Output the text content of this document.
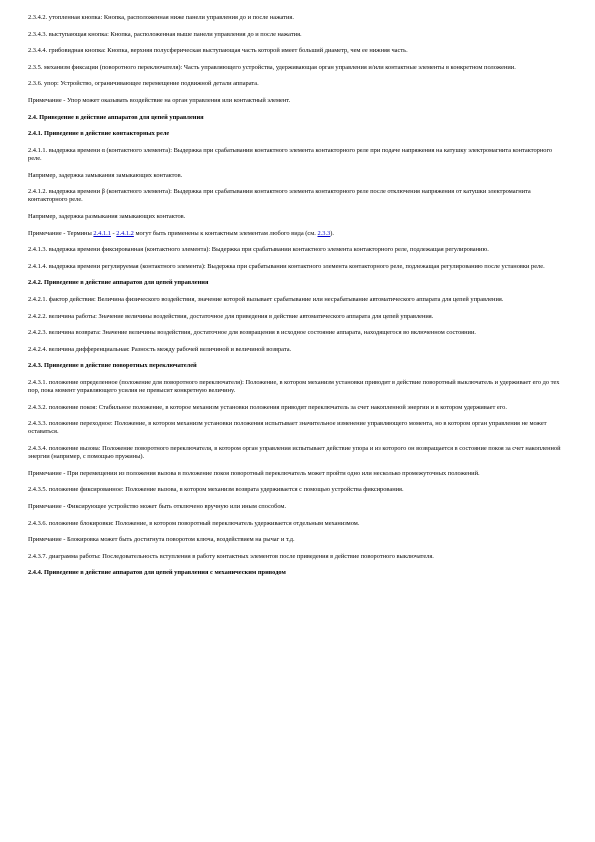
2.3.4.2. утопленная кнопка: Кнопка, расположенная ниже панели управления до и после нажатия.

2.3.4.3. выступающая кнопка: Кнопка, расположенная выше панели управления до и после нажатия.

2.3.4.4. грибовидная кнопка: Кнопка, верхняя полусферическая выступающая часть которой имеет больший диаметр, чем ее нижняя часть.

2.3.5. механизм фиксации (поворотного переключателя): Часть управляющего устройства, удерживающая орган управления и/или контактные элементы в конкретном положении.

2.3.6. упор: Устройство, ограничивающее перемещение подвижной детали аппарата.

Примечание - Упор может оказывать воздействие на орган управления или контактный элемент.

2.4. Приведение в действие аппаратов для цепей управления

2.4.1. Приведение в действие контакторных реле

2.4.1.1. выдержка времени α (контактного элемента): Выдержка при срабатывании контактного элемента контакторного реле при подаче напряжения на катушку электромагнита контакторного реле.

Например, задержка замыкания замыкающих контактов.

2.4.1.2. выдержка времени β (контактного элемента): Выдержка при срабатывании контактного элемента контакторного реле после отключения напряжения от катушки электромагнита контакторного реле.

Например, задержка размыкания замыкающих контактов.

Примечание - Термины 2.4.1.1 - 2.4.1.2 могут быть применены к контактным элементам любого вида (см. 2.3.3).

2.4.1.3. выдержка времени фиксированная (контактного элемента): Выдержка при срабатывании контактного элемента контакторного реле, подлежащая регулированию.

2.4.1.4. выдержка времени регулируемая (контактного элемента): Выдержка при срабатывании контактного элемента контакторного реле, подлежащая регулированию после установки реле.

2.4.2. Приведение в действие аппаратов для цепей управления

2.4.2.1. фактор действия: Величина физического воздействия, значение которой вызывает срабатывание или несрабатывание автоматического аппарата для цепей управления.

2.4.2.2. величина работы: Значение величины воздействия, достаточное для приведения в действие автоматического аппарата для цепей управления.

2.4.2.3. величина возврата: Значение величины воздействия, достаточное для возвращения в исходное состояние аппарата, находящегося во включенном состоянии.

2.4.2.4. величина дифференциальная: Разность между рабочей величиной и величиной возврата.

2.4.3. Приведение в действие поворотных переключателей

2.4.3.1. положение определенное (положение для поворотного переключателя): Положение, в котором механизм установки приводит в действие поворотный выключатель и удерживает его до тех пор, пока момент управляющего усилия не превысит конкретную величину.

2.4.3.2. положение покоя: Стабильное положение, в которое механизм установки положения приводит переключатель за счет накопленной энергии и в котором удерживает его.

2.4.3.3. положение переходное: Положение, в котором механизм установки положения испытывает значительное изменение управляющего момента, но в котором орган управления не может оставаться.

2.4.3.4. положение вызова: Положение поворотного переключателя, в котором орган управления испытывает действие упора и из которого он возвращается в состояние покоя за счет накопленной энергии (например, с помощью пружины).

Примечание - При перемещении из положения вызова в положение покоя поворотный переключатель может пройти одно или несколько промежуточных положений.

2.4.3.5. положение фиксированное: Положение вызова, в котором механизм возврата удерживается с помощью устройства фиксирования.

Примечание - Фиксирующее устройство может быть отключено вручную или иным способом.

2.4.3.6. положение блокировки: Положение, в котором поворотный переключатель удерживается отдельным механизмом.

Примечание - Блокировка может быть достигнута поворотом ключа, воздействием на рычаг и т.д.

2.4.3.7. диаграмма работы: Последовательность вступления в работу контактных элементов после приведения в действие поворотного выключателя.

2.4.4. Приведение в действие аппаратов для цепей управления с механическим приводом
